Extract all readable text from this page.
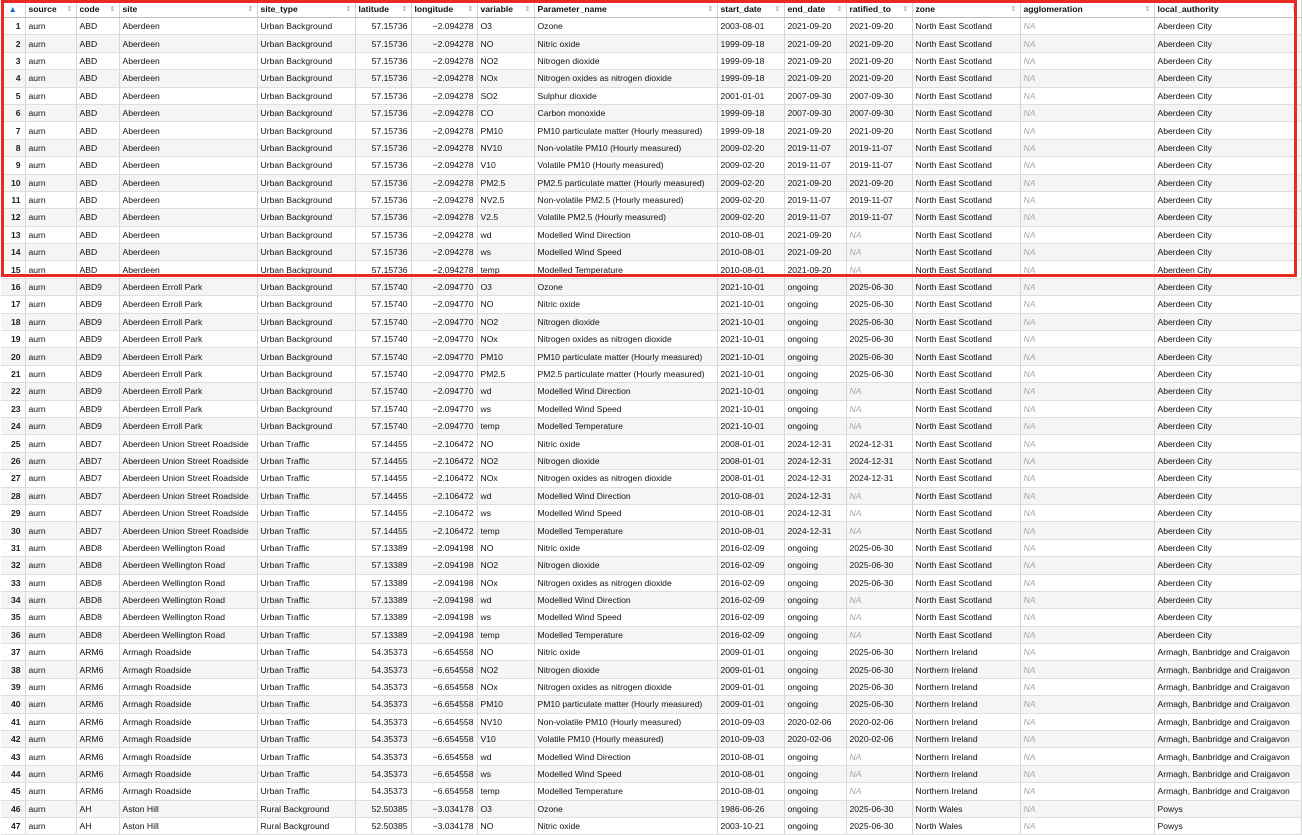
▲	source ⇕	code ⇕	site ⇕	site_type ⇕	latitude ⇕	longitude ⇕	variable ⇕	Parameter_name ⇕	start_date ⇕	end_date ⇕	ratified_to ⇕	zone ⇕	agglomeration ⇕	local_authority ⇕

1	aurn	ABD	Aberdeen	Urban Background	57.15736	−2.094278	O3	Ozone	2003-08-01	2021-09-20	2021-09-20	North East Scotland	NA	Aberdeen City
2	aurn	ABD	Aberdeen	Urban Background	57.15736	−2.094278	NO	Nitric oxide	1999-09-18	2021-09-20	2021-09-20	North East Scotland	NA	Aberdeen City
3	aurn	ABD	Aberdeen	Urban Background	57.15736	−2.094278	NO2	Nitrogen dioxide	1999-09-18	2021-09-20	2021-09-20	North East Scotland	NA	Aberdeen City
4	aurn	ABD	Aberdeen	Urban Background	57.15736	−2.094278	NOx	Nitrogen oxides as nitrogen dioxide	1999-09-18	2021-09-20	2021-09-20	North East Scotland	NA	Aberdeen City
5	aurn	ABD	Aberdeen	Urban Background	57.15736	−2.094278	SO2	Sulphur dioxide	2001-01-01	2007-09-30	2007-09-30	North East Scotland	NA	Aberdeen City
6	aurn	ABD	Aberdeen	Urban Background	57.15736	−2.094278	CO	Carbon monoxide	1999-09-18	2007-09-30	2007-09-30	North East Scotland	NA	Aberdeen City
7	aurn	ABD	Aberdeen	Urban Background	57.15736	−2.094278	PM10	PM10 particulate matter (Hourly measured)	1999-09-18	2021-09-20	2021-09-20	North East Scotland	NA	Aberdeen City
8	aurn	ABD	Aberdeen	Urban Background	57.15736	−2.094278	NV10	Non-volatile PM10 (Hourly measured)	2009-02-20	2019-11-07	2019-11-07	North East Scotland	NA	Aberdeen City
9	aurn	ABD	Aberdeen	Urban Background	57.15736	−2.094278	V10	Volatile PM10 (Hourly measured)	2009-02-20	2019-11-07	2019-11-07	North East Scotland	NA	Aberdeen City
10	aurn	ABD	Aberdeen	Urban Background	57.15736	−2.094278	PM2.5	PM2.5 particulate matter (Hourly measured)	2009-02-20	2021-09-20	2021-09-20	North East Scotland	NA	Aberdeen City
11	aurn	ABD	Aberdeen	Urban Background	57.15736	−2.094278	NV2.5	Non-volatile PM2.5 (Hourly measured)	2009-02-20	2019-11-07	2019-11-07	North East Scotland	NA	Aberdeen City
12	aurn	ABD	Aberdeen	Urban Background	57.15736	−2.094278	V2.5	Volatile PM2.5 (Hourly measured)	2009-02-20	2019-11-07	2019-11-07	North East Scotland	NA	Aberdeen City
13	aurn	ABD	Aberdeen	Urban Background	57.15736	−2.094278	wd	Modelled Wind Direction	2010-08-01	2021-09-20	NA	North East Scotland	NA	Aberdeen City
14	aurn	ABD	Aberdeen	Urban Background	57.15736	−2.094278	ws	Modelled Wind Speed	2010-08-01	2021-09-20	NA	North East Scotland	NA	Aberdeen City
15	aurn	ABD	Aberdeen	Urban Background	57.15736	−2.094278	temp	Modelled Temperature	2010-08-01	2021-09-20	NA	North East Scotland	NA	Aberdeen City
16	aurn	ABD9	Aberdeen Erroll Park	Urban Background	57.15740	−2.094770	O3	Ozone	2021-10-01	ongoing	2025-06-30	North East Scotland	NA	Aberdeen City
17	aurn	ABD9	Aberdeen Erroll Park	Urban Background	57.15740	−2.094770	NO	Nitric oxide	2021-10-01	ongoing	2025-06-30	North East Scotland	NA	Aberdeen City
18	aurn	ABD9	Aberdeen Erroll Park	Urban Background	57.15740	−2.094770	NO2	Nitrogen dioxide	2021-10-01	ongoing	2025-06-30	North East Scotland	NA	Aberdeen City
19	aurn	ABD9	Aberdeen Erroll Park	Urban Background	57.15740	−2.094770	NOx	Nitrogen oxides as nitrogen dioxide	2021-10-01	ongoing	2025-06-30	North East Scotland	NA	Aberdeen City
20	aurn	ABD9	Aberdeen Erroll Park	Urban Background	57.15740	−2.094770	PM10	PM10 particulate matter (Hourly measured)	2021-10-01	ongoing	2025-06-30	North East Scotland	NA	Aberdeen City
21	aurn	ABD9	Aberdeen Erroll Park	Urban Background	57.15740	−2.094770	PM2.5	PM2.5 particulate matter (Hourly measured)	2021-10-01	ongoing	2025-06-30	North East Scotland	NA	Aberdeen City
22	aurn	ABD9	Aberdeen Erroll Park	Urban Background	57.15740	−2.094770	wd	Modelled Wind Direction	2021-10-01	ongoing	NA	North East Scotland	NA	Aberdeen City
23	aurn	ABD9	Aberdeen Erroll Park	Urban Background	57.15740	−2.094770	ws	Modelled Wind Speed	2021-10-01	ongoing	NA	North East Scotland	NA	Aberdeen City
24	aurn	ABD9	Aberdeen Erroll Park	Urban Background	57.15740	−2.094770	temp	Modelled Temperature	2021-10-01	ongoing	NA	North East Scotland	NA	Aberdeen City
25	aurn	ABD7	Aberdeen Union Street Roadside	Urban Traffic	57.14455	−2.106472	NO	Nitric oxide	2008-01-01	2024-12-31	2024-12-31	North East Scotland	NA	Aberdeen City
26	aurn	ABD7	Aberdeen Union Street Roadside	Urban Traffic	57.14455	−2.106472	NO2	Nitrogen dioxide	2008-01-01	2024-12-31	2024-12-31	North East Scotland	NA	Aberdeen City
27	aurn	ABD7	Aberdeen Union Street Roadside	Urban Traffic	57.14455	−2.106472	NOx	Nitrogen oxides as nitrogen dioxide	2008-01-01	2024-12-31	2024-12-31	North East Scotland	NA	Aberdeen City
28	aurn	ABD7	Aberdeen Union Street Roadside	Urban Traffic	57.14455	−2.106472	wd	Modelled Wind Direction	2010-08-01	2024-12-31	NA	North East Scotland	NA	Aberdeen City
29	aurn	ABD7	Aberdeen Union Street Roadside	Urban Traffic	57.14455	−2.106472	ws	Modelled Wind Speed	2010-08-01	2024-12-31	NA	North East Scotland	NA	Aberdeen City
30	aurn	ABD7	Aberdeen Union Street Roadside	Urban Traffic	57.14455	−2.106472	temp	Modelled Temperature	2010-08-01	2024-12-31	NA	North East Scotland	NA	Aberdeen City
31	aurn	ABD8	Aberdeen Wellington Road	Urban Traffic	57.13389	−2.094198	NO	Nitric oxide	2016-02-09	ongoing	2025-06-30	North East Scotland	NA	Aberdeen City
32	aurn	ABD8	Aberdeen Wellington Road	Urban Traffic	57.13389	−2.094198	NO2	Nitrogen dioxide	2016-02-09	ongoing	2025-06-30	North East Scotland	NA	Aberdeen City
33	aurn	ABD8	Aberdeen Wellington Road	Urban Traffic	57.13389	−2.094198	NOx	Nitrogen oxides as nitrogen dioxide	2016-02-09	ongoing	2025-06-30	North East Scotland	NA	Aberdeen City
34	aurn	ABD8	Aberdeen Wellington Road	Urban Traffic	57.13389	−2.094198	wd	Modelled Wind Direction	2016-02-09	ongoing	NA	North East Scotland	NA	Aberdeen City
35	aurn	ABD8	Aberdeen Wellington Road	Urban Traffic	57.13389	−2.094198	ws	Modelled Wind Speed	2016-02-09	ongoing	NA	North East Scotland	NA	Aberdeen City
36	aurn	ABD8	Aberdeen Wellington Road	Urban Traffic	57.13389	−2.094198	temp	Modelled Temperature	2016-02-09	ongoing	NA	North East Scotland	NA	Aberdeen City
37	aurn	ARM6	Armagh Roadside	Urban Traffic	54.35373	−6.654558	NO	Nitric oxide	2009-01-01	ongoing	2025-06-30	Northern Ireland	NA	Armagh, Banbridge and Craigavon
38	aurn	ARM6	Armagh Roadside	Urban Traffic	54.35373	−6.654558	NO2	Nitrogen dioxide	2009-01-01	ongoing	2025-06-30	Northern Ireland	NA	Armagh, Banbridge and Craigavon
39	aurn	ARM6	Armagh Roadside	Urban Traffic	54.35373	−6.654558	NOx	Nitrogen oxides as nitrogen dioxide	2009-01-01	ongoing	2025-06-30	Northern Ireland	NA	Armagh, Banbridge and Craigavon
40	aurn	ARM6	Armagh Roadside	Urban Traffic	54.35373	−6.654558	PM10	PM10 particulate matter (Hourly measured)	2009-01-01	ongoing	2025-06-30	Northern Ireland	NA	Armagh, Banbridge and Craigavon
41	aurn	ARM6	Armagh Roadside	Urban Traffic	54.35373	−6.654558	NV10	Non-volatile PM10 (Hourly measured)	2010-09-03	2020-02-06	2020-02-06	Northern Ireland	NA	Armagh, Banbridge and Craigavon
42	aurn	ARM6	Armagh Roadside	Urban Traffic	54.35373	−6.654558	V10	Volatile PM10 (Hourly measured)	2010-09-03	2020-02-06	2020-02-06	Northern Ireland	NA	Armagh, Banbridge and Craigavon
43	aurn	ARM6	Armagh Roadside	Urban Traffic	54.35373	−6.654558	wd	Modelled Wind Direction	2010-08-01	ongoing	NA	Northern Ireland	NA	Armagh, Banbridge and Craigavon
44	aurn	ARM6	Armagh Roadside	Urban Traffic	54.35373	−6.654558	ws	Modelled Wind Speed	2010-08-01	ongoing	NA	Northern Ireland	NA	Armagh, Banbridge and Craigavon
45	aurn	ARM6	Armagh Roadside	Urban Traffic	54.35373	−6.654558	temp	Modelled Temperature	2010-08-01	ongoing	NA	Northern Ireland	NA	Armagh, Banbridge and Craigavon
46	aurn	AH	Aston Hill	Rural Background	52.50385	−3.034178	O3	Ozone	1986-06-26	ongoing	2025-06-30	North Wales	NA	Powys
47	aurn	AH	Aston Hill	Rural Background	52.50385	−3.034178	NO	Nitric oxide	2003-10-21	ongoing	2025-06-30	North Wales	NA	Powys
